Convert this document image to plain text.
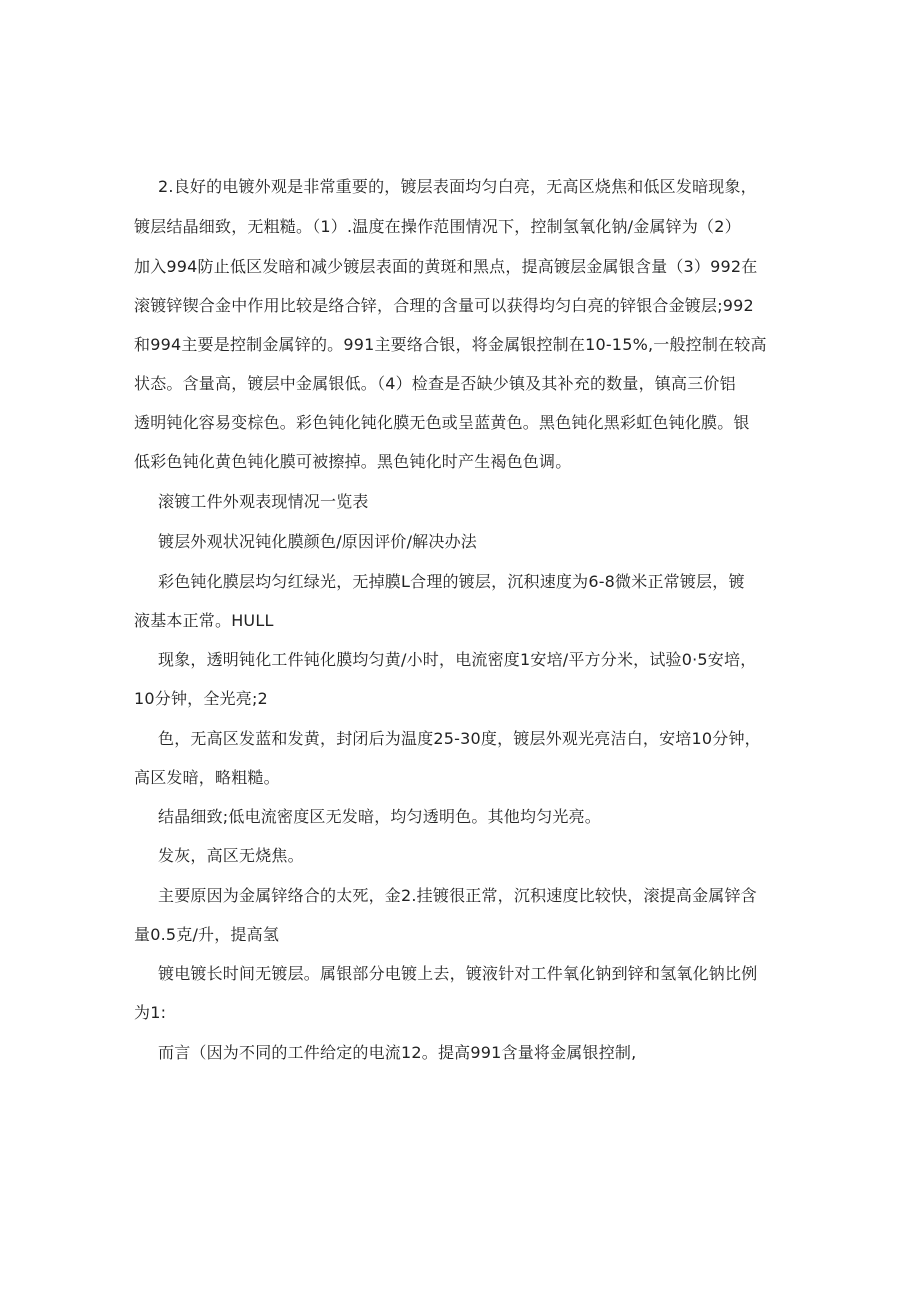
2.良好的电镀外观是非常重要的，镀层表面均匀白亮，无高区烧焦和低区发暗现象，
镀层结晶细致，无粗糙。（1）.温度在操作范围情况下，控制氢氧化钠/金属锌为（2）
加入994防止低区发暗和减少镀层表面的黄斑和黑点，提高镀层金属银含量（3）992在
滚镀锌锲合金中作用比较是络合锌，合理的含量可以获得均匀白亮的锌银合金镀层;992
和994主要是控制金属锌的。991主要络合银，将金属银控制在10-15%,一般控制在较高
状态。含量高，镀层中金属银低。（4）检查是否缺少镇及其补充的数量，镇高三价铝
透明钝化容易变棕色。彩色钝化钝化膜无色或呈蓝黄色。黑色钝化黑彩虹色钝化膜。银
低彩色钝化黄色钝化膜可被擦掉。黑色钝化时产生褐色色调。
滚镀工件外观表现情况一览表
镀层外观状况钝化膜颜色/原因评价/解决办法
彩色钝化膜层均匀红绿光，无掉膜L合理的镀层，沉积速度为6-8微米正常镀层，镀
液基本正常。HULL
现象，透明钝化工件钝化膜均匀黄/小时，电流密度1安培/平方分米，试验0·5安培，
10分钟，全光亮;2
色，无高区发蓝和发黄，封闭后为温度25-30度，镀层外观光亮洁白，安培10分钟，
高区发暗，略粗糙。
结晶细致;低电流密度区无发暗，均匀透明色。其他均匀光亮。
发灰，高区无烧焦。
主要原因为金属锌络合的太死，金2.挂镀很正常，沉积速度比较快，滚提高金属锌含
量0.5克/升，提高氢
镀电镀长时间无镀层。属银部分电镀上去，镀液针对工件氧化钠到锌和氢氧化钠比例
为1:
而言（因为不同的工件给定的电流12。提高991含量将金属银控制,
